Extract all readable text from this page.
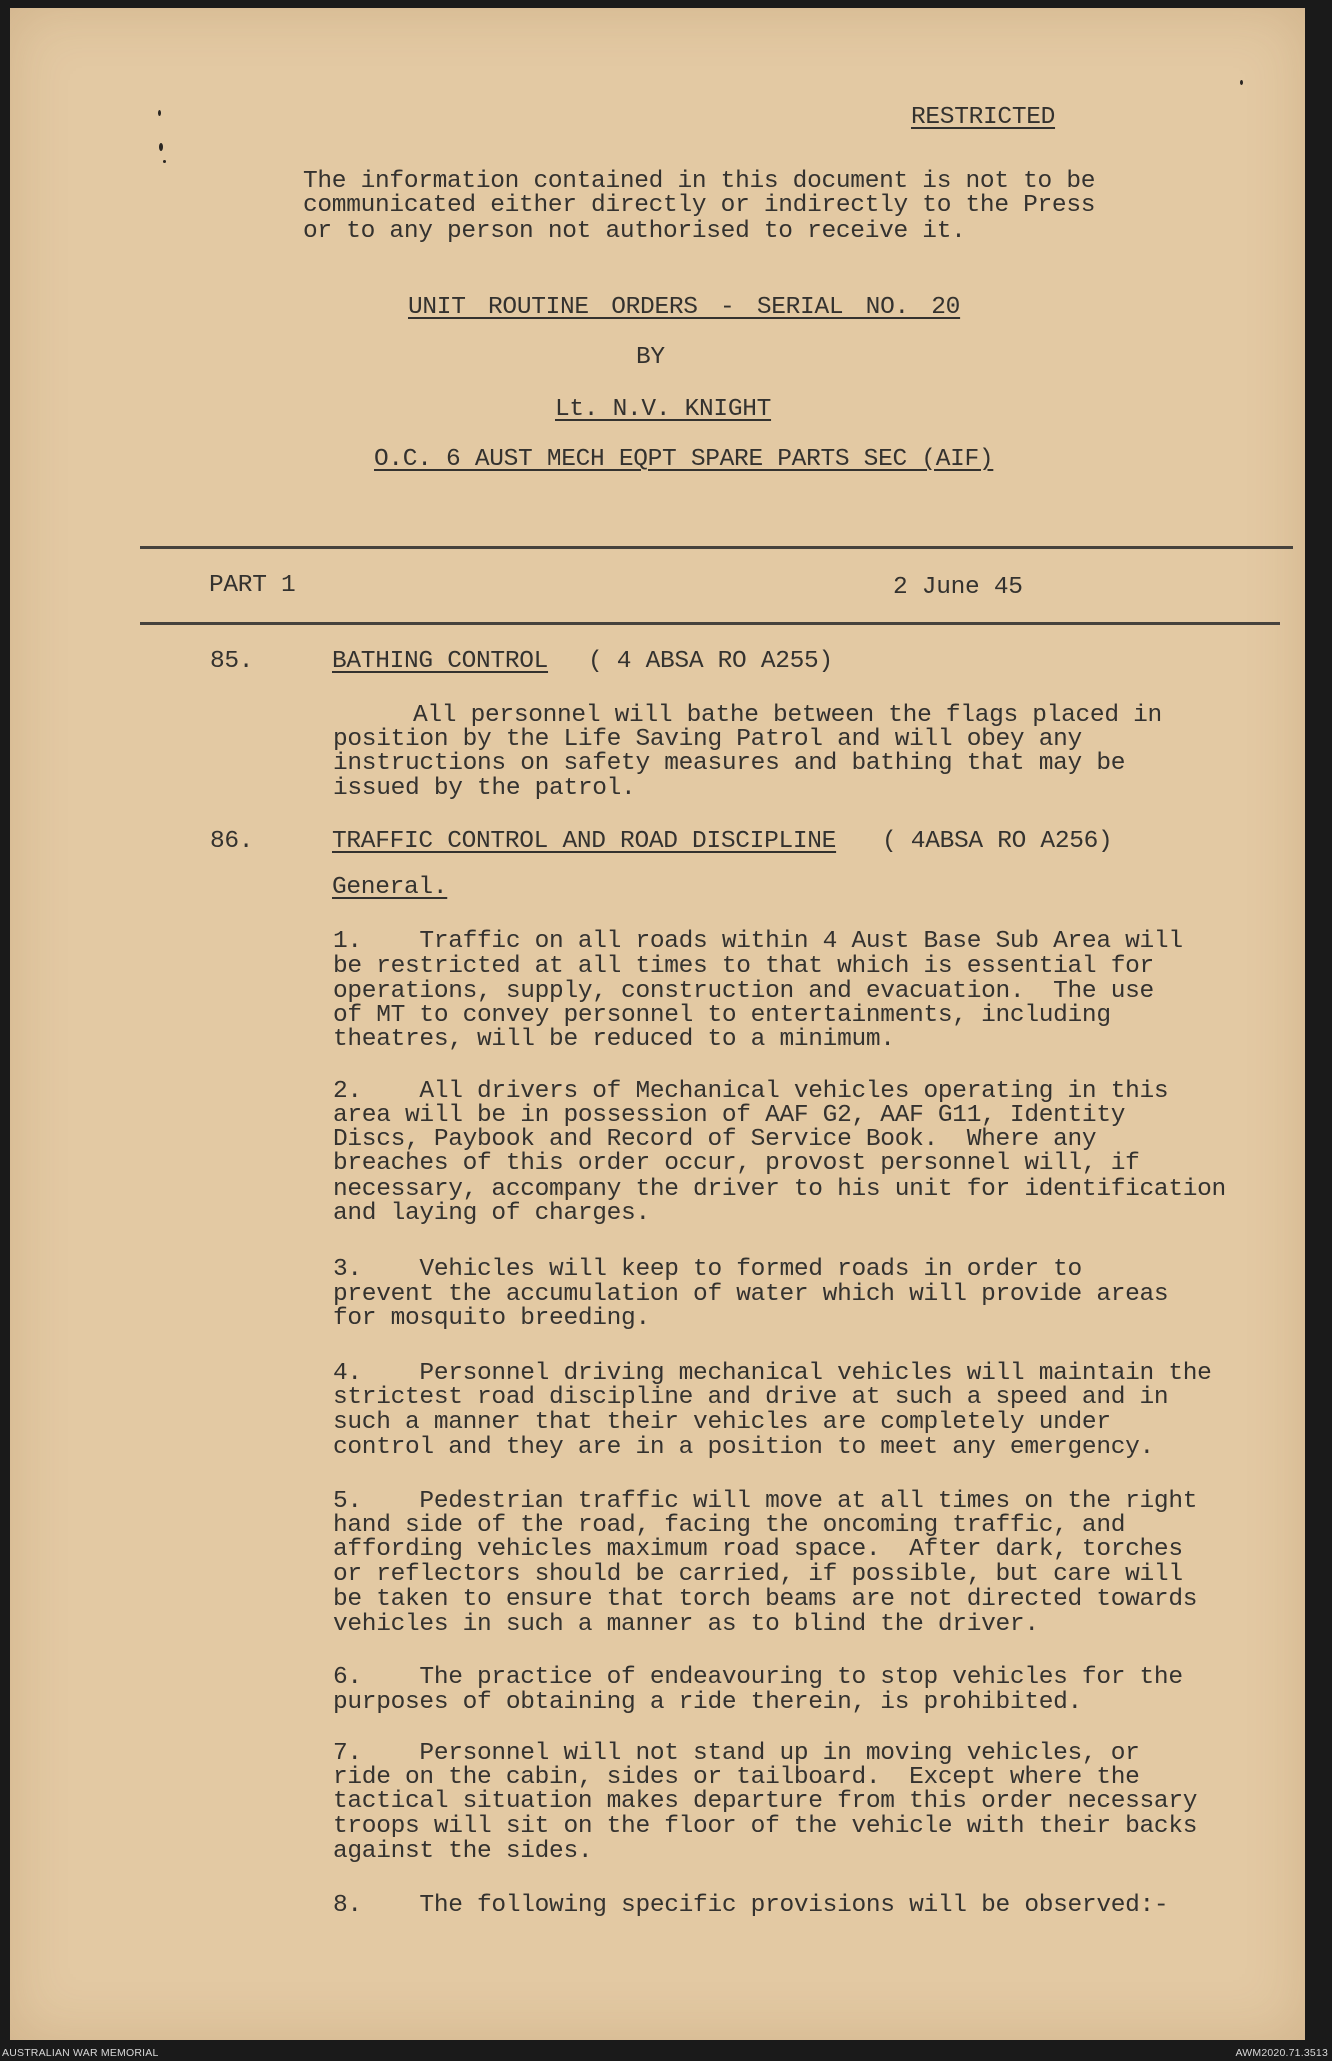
RESTRICTED
The information contained in this document is not to be
communicated either directly or indirectly to the Press
or to any person not authorised to receive it.
UNIT ROUTINE ORDERS - SERIAL NO. 20
BY
Lt. N.V. KNIGHT
O.C. 6 AUST MECH EQPT SPARE PARTS SEC (AIF)
PART 1	2 June 45
85.	BATHING CONTROL ( 4 ABSA RO A255)
All personnel will bathe between the flags placed in
position by the Life Saving Patrol and will obey any
instructions on safety measures and bathing that may be
issued by the patrol.
86.	TRAFFIC CONTROL AND ROAD DISCIPLINE ( 4ABSA RO A256)
General.
1.    Traffic on all roads within 4 Aust Base Sub Area will
be restricted at all times to that which is essential for
operations, supply, construction and evacuation.  The use
of MT to convey personnel to entertainments, including
theatres, will be reduced to a minimum.
2.    All drivers of Mechanical vehicles operating in this
area will be in possession of AAF G2, AAF G11, Identity
Discs, Paybook and Record of Service Book.  Where any
breaches of this order occur, provost personnel will, if
necessary, accompany the driver to his unit for identification
and laying of charges.
3.    Vehicles will keep to formed roads in order to
prevent the accumulation of water which will provide areas
for mosquito breeding.
4.    Personnel driving mechanical vehicles will maintain the
strictest road discipline and drive at such a speed and in
such a manner that their vehicles are completely under
control and they are in a position to meet any emergency.
5.    Pedestrian traffic will move at all times on the right
hand side of the road, facing the oncoming traffic, and
affording vehicles maximum road space.  After dark, torches
or reflectors should be carried, if possible, but care will
be taken to ensure that torch beams are not directed towards
vehicles in such a manner as to blind the driver.
6.    The practice of endeavouring to stop vehicles for the
purposes of obtaining a ride therein, is prohibited.
7.    Personnel will not stand up in moving vehicles, or
ride on the cabin, sides or tailboard.  Except where the
tactical situation makes departure from this order necessary
troops will sit on the floor of the vehicle with their backs
against the sides.
8.    The following specific provisions will be observed:-
AUSTRALIAN WAR MEMORIAL	AWM2020.71.3513
